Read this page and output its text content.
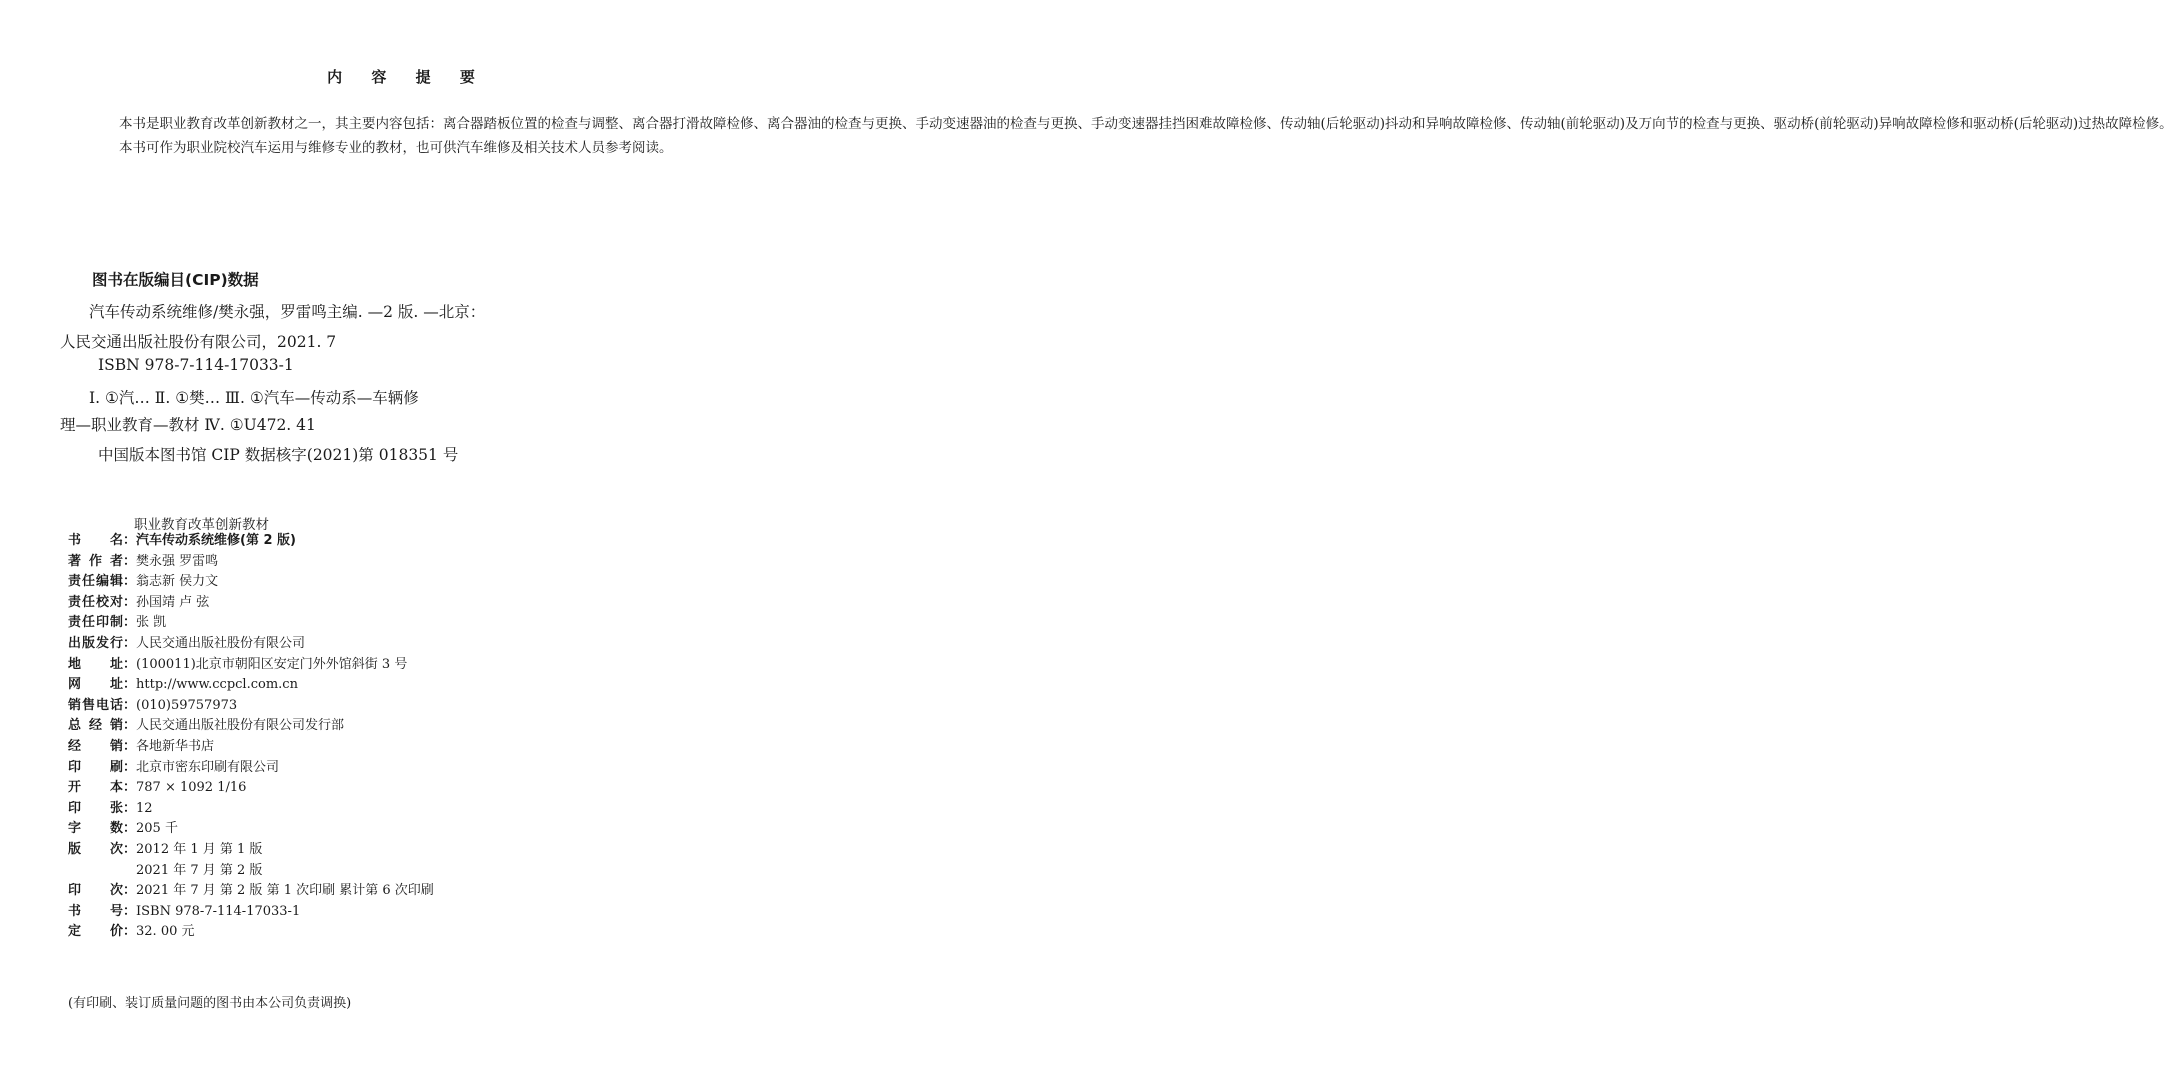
内 容 提 要

本书是职业教育改革创新教材之一，其主要内容包括：离合器踏板位置的检查与调整、离合器打滑故障检修、离合器油的检查与更换、手动变速器油的检查与更换、手动变速器挂挡困难故障检修、传动轴(后轮驱动)抖动和异响故障检修、传动轴(前轮驱动)及万向节的检查与更换、驱动桥(前轮驱动)异响故障检修和驱动桥(后轮驱动)过热故障检修。

本书可作为职业院校汽车运用与维修专业的教材，也可供汽车维修及相关技术人员参考阅读。

图书在版编目(CIP)数据
汽车传动系统维修/樊永强，罗雷鸣主编. —2 版. —北京：
人民交通出版社股份有限公司，2021. 7
ISBN 978-7-114-17033-1
Ⅰ. ①汽… Ⅱ. ①樊… Ⅲ. ①汽车—传动系—车辆修
理—职业教育—教材 Ⅳ. ①U472. 41
中国版本图书馆 CIP 数据核字(2021)第 018351 号
职业教育改革创新教材
书名 ： 汽车传动系统维修(第 2 版)
著作者 ： 樊永强 罗雷鸣
责任编辑 ： 翁志新 侯力文
责任校对 ： 孙国靖 卢 弦
责任印制 ： 张 凯
出版发行 ： 人民交通出版社股份有限公司
地址 ： (100011)北京市朝阳区安定门外外馆斜街 3 号
网址 ： http://www.ccpcl.com.cn
销售电话 ： (010)59757973
总经销 ： 人民交通出版社股份有限公司发行部
经销 ： 各地新华书店
印刷 ： 北京市密东印刷有限公司
开本 ： 787 × 1092 1/16
印张 ： 12
字数 ： 205 千
版次 ： 2012 年 1 月 第 1 版
2021 年 7 月 第 2 版
印次 ： 2021 年 7 月 第 2 版 第 1 次印刷 累计第 6 次印刷
书号 ： ISBN 978-7-114-17033-1
定价 ： 32. 00 元
(有印刷、装订质量问题的图书由本公司负责调换)
